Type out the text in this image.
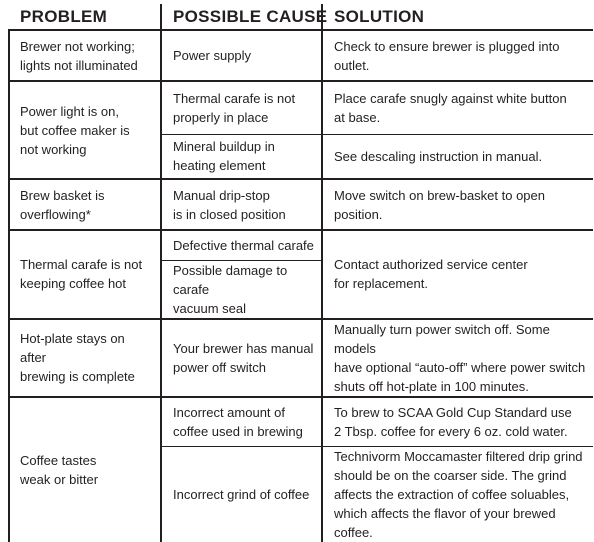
PROBLEM	POSSIBLE CAUSE	SOLUTION

Brewer not working;
lights not illuminated	Power supply	Check to ensure brewer is plugged into outlet.

Power light is on,
but coffee maker is
not working	Thermal carafe is not
properly in place	Place carafe snugly against white button
at base.

	Mineral buildup in
heating element	See descaling instruction in manual.

Brew basket is
overflowing*	Manual drip-stop
is in closed position	Move switch on brew-basket to open position.

Thermal carafe is not
keeping coffee hot	Defective thermal carafe	Contact authorized service center
for replacement.

	Possible damage to carafe
vacuum seal	

Hot-plate stays on after
brewing is complete	Your brewer has manual
power off switch	Manually turn power switch off. Some models
have optional “auto-off” where power switch
shuts off hot-plate in 100 minutes.

Coffee tastes
weak or bitter	Incorrect amount of
coffee used in brewing	To brew to SCAA Gold Cup Standard use
2 Tbsp. coffee for every 6 oz. cold water.

	Incorrect grind of coffee	Technivorm Moccamaster filtered drip grind
should be on the coarser side. The grind
affects the extraction of coffee soluables,
which affects the flavor of your brewed coffee.
